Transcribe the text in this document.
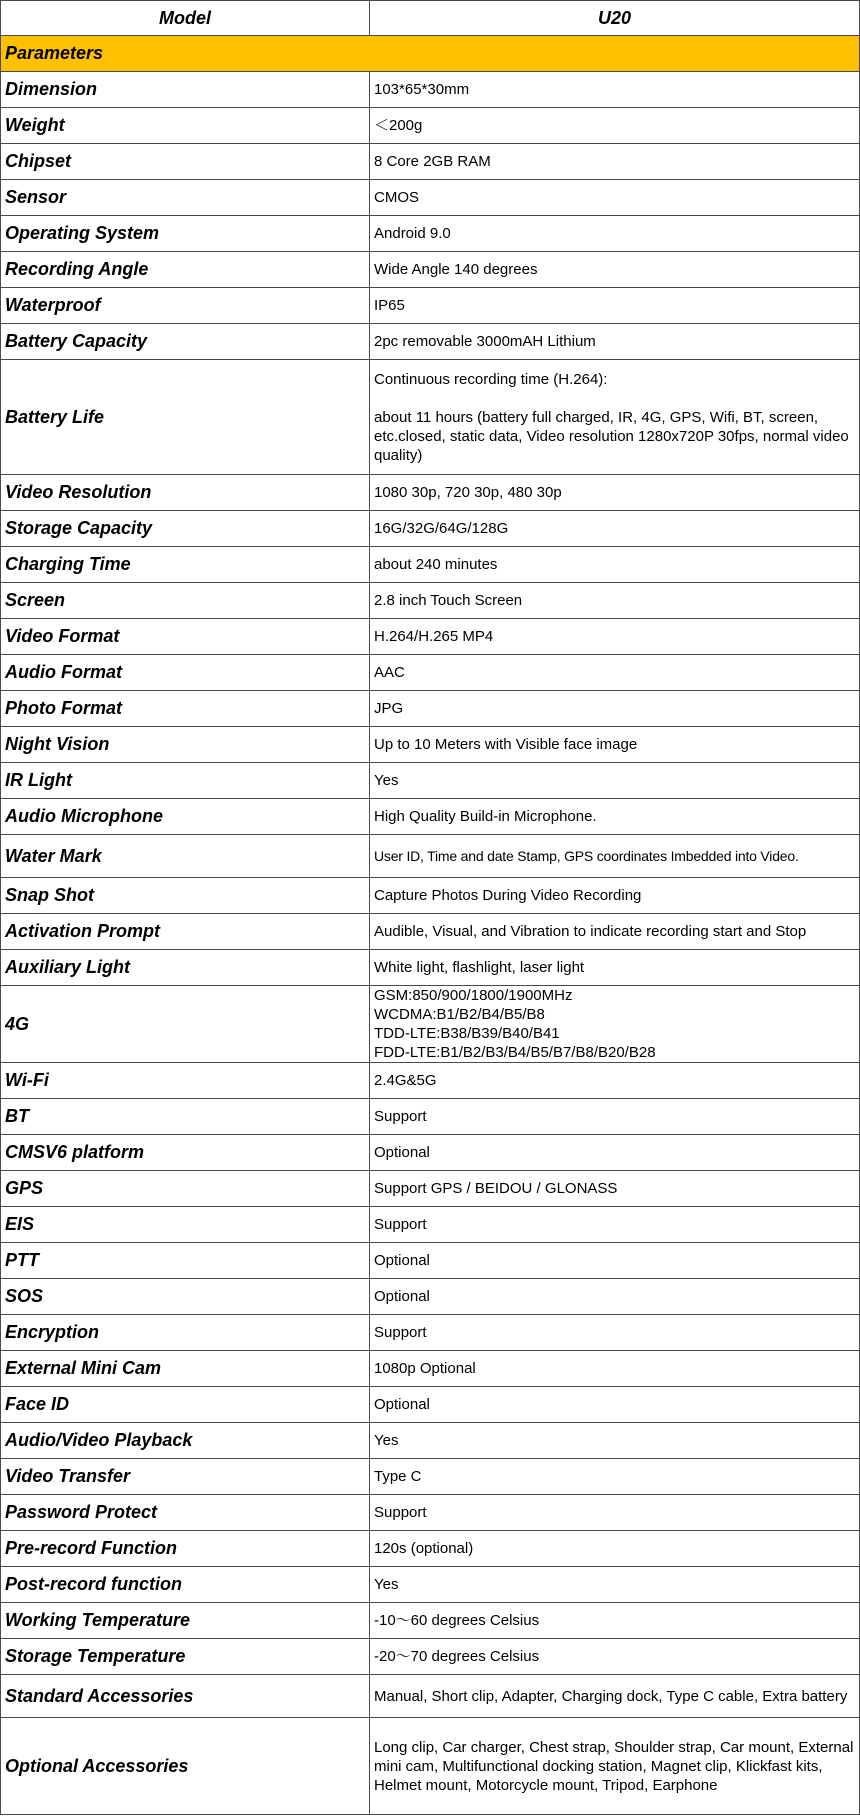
Model	U20
Parameters	
Dimension	103*65*30mm
Weight	＜200g
Chipset	8 Core 2GB RAM
Sensor	CMOS
Operating System	Android 9.0
Recording Angle	Wide Angle 140 degrees
Waterproof	IP65
Battery Capacity	2pc removable 3000mAH Lithium
Battery Life	Continuous recording time (H.264):

about 11 hours (battery full charged, IR, 4G, GPS, Wifi, BT, screen, etc.closed, static data, Video resolution 1280x720P 30fps, normal video quality)
Video Resolution	1080 30p, 720 30p, 480 30p
Storage Capacity	16G/32G/64G/128G
Charging Time	about 240 minutes
Screen	2.8 inch Touch Screen
Video Format	H.264/H.265 MP4
Audio Format	AAC
Photo Format	JPG
Night Vision	Up to 10 Meters with Visible face image
IR Light	Yes
Audio Microphone	High Quality Build-in Microphone.
Water Mark	User ID, Time and date Stamp, GPS coordinates Imbedded into Video.
Snap Shot	Capture Photos During Video Recording
Activation Prompt	Audible, Visual, and Vibration to indicate recording start and Stop
Auxiliary Light	White light, flashlight, laser light
4G	GSM:850/900/1800/1900MHz
WCDMA:B1/B2/B4/B5/B8
TDD-LTE:B38/B39/B40/B41
FDD-LTE:B1/B2/B3/B4/B5/B7/B8/B20/B28
Wi-Fi	2.4G&5G
BT	Support
CMSV6 platform	Optional
GPS	Support GPS / BEIDOU / GLONASS
EIS	Support
PTT	Optional
SOS	Optional
Encryption	Support
External Mini Cam	1080p Optional
Face ID	Optional
Audio/Video Playback	Yes
Video Transfer	Type C
Password Protect	Support
Pre-record Function	120s (optional)
Post-record function	Yes
Working Temperature	-10～60 degrees Celsius
Storage Temperature	-20～70 degrees Celsius
Standard Accessories	Manual, Short clip, Adapter, Charging dock, Type C cable, Extra battery
Optional Accessories	Long clip, Car charger, Chest strap, Shoulder strap, Car mount, External mini cam, Multifunctional docking station, Magnet clip, Klickfast kits, Helmet mount, Motorcycle mount, Tripod, Earphone
